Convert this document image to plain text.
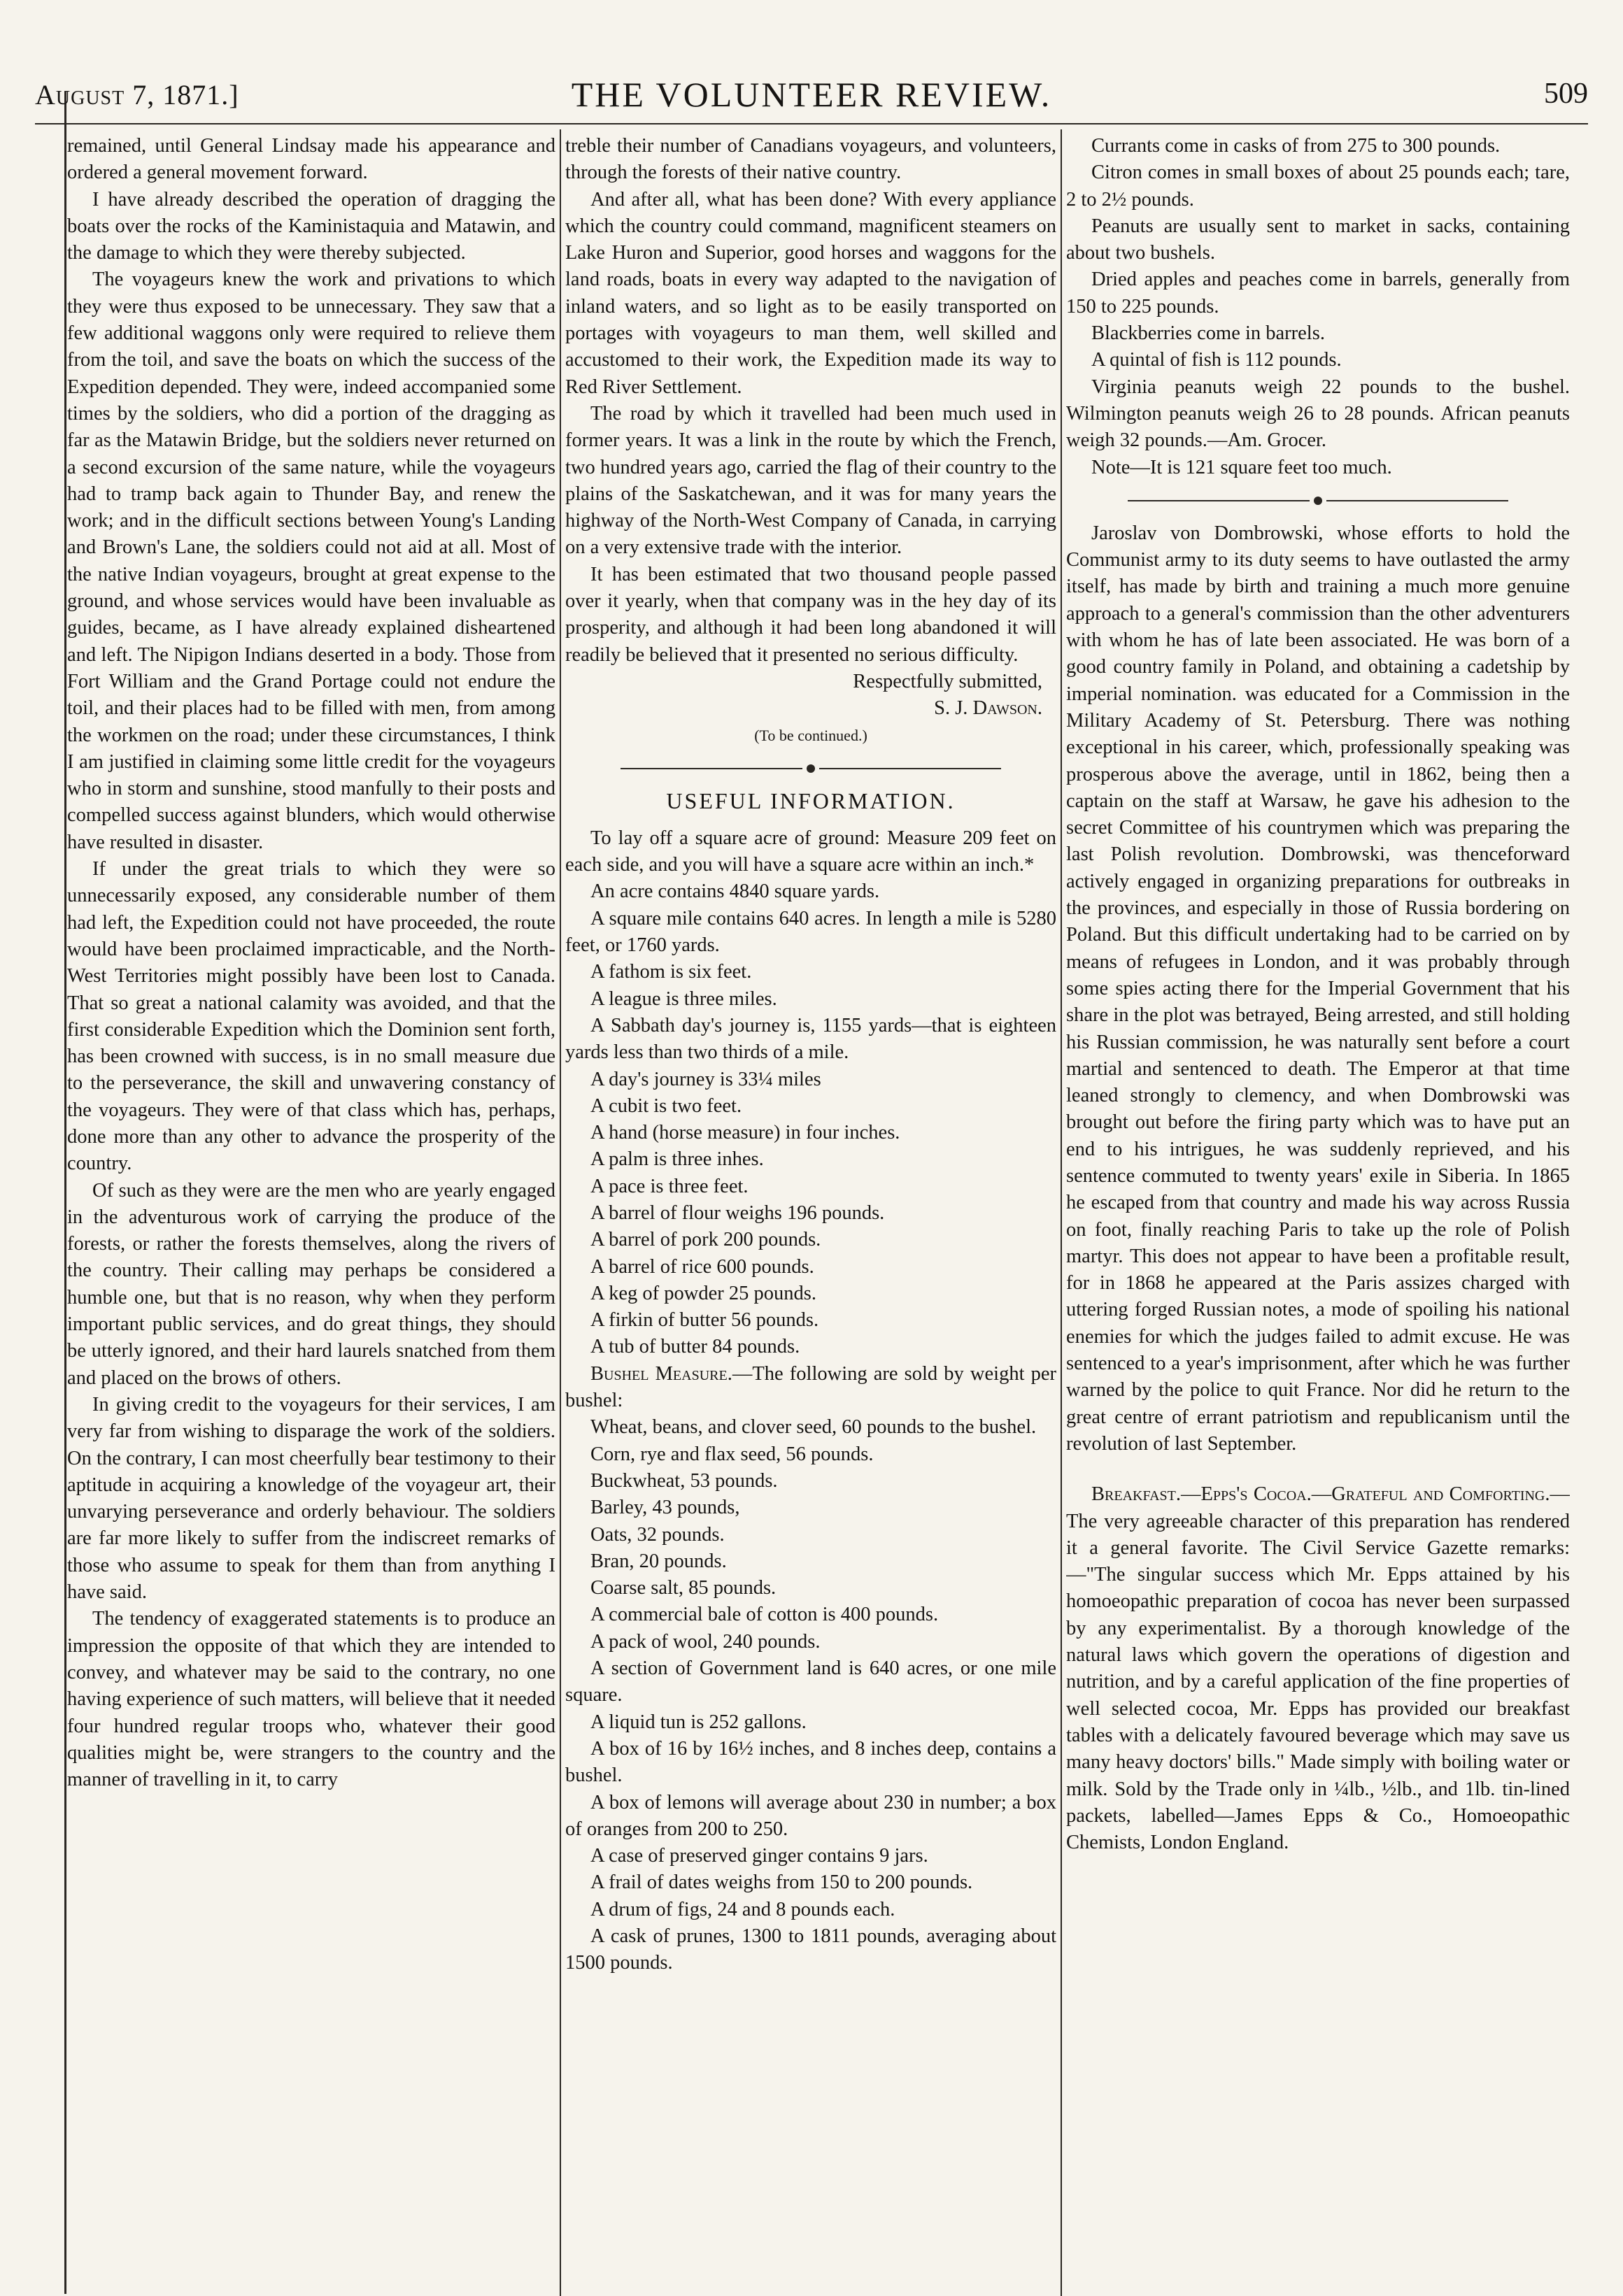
August 7, 1871.]	THE VOLUNTEER REVIEW.	509

remained, until General Lindsay made his appearance and ordered a general movement forward.

I have already described the operation of dragging the boats over the rocks of the Kaministaquia and Matawin, and the damage to which they were thereby subjected.

The voyageurs knew the work and privations to which they were thus exposed to be unnecessary. They saw that a few additional waggons only were required to relieve them from the toil, and save the boats on which the success of the Expedition depended. They were, indeed accompanied some times by the soldiers, who did a portion of the dragging as far as the Matawin Bridge, but the soldiers never returned on a second excursion of the same nature, while the voyageurs had to tramp back again to Thunder Bay, and renew the work; and in the difficult sections between Young's Landing and Brown's Lane, the soldiers could not aid at all. Most of the native Indian voyageurs, brought at great expense to the ground, and whose services would have been invaluable as guides, became, as I have already explained disheartened and left. The Nipigon Indians deserted in a body. Those from Fort William and the Grand Portage could not endure the toil, and their places had to be filled with men, from among the workmen on the road; under these circumstances, I think I am justified in claiming some little credit for the voyageurs who in storm and sunshine, stood manfully to their posts and compelled success against blunders, which would otherwise have resulted in disaster.

If under the great trials to which they were so unnecessarily exposed, any considerable number of them had left, the Expedition could not have proceeded, the route would have been proclaimed impracticable, and the North-West Territories might possibly have been lost to Canada. That so great a national calamity was avoided, and that the first considerable Expedition which the Dominion sent forth, has been crowned with success, is in no small measure due to the perseverance, the skill and unwavering constancy of the voyageurs. They were of that class which has, perhaps, done more than any other to advance the prosperity of the country.

Of such as they were are the men who are yearly engaged in the adventurous work of carrying the produce of the forests, or rather the forests themselves, along the rivers of the country. Their calling may perhaps be considered a humble one, but that is no reason, why when they perform important public services, and do great things, they should be utterly ignored, and their hard laurels snatched from them and placed on the brows of others.

In giving credit to the voyageurs for their services, I am very far from wishing to disparage the work of the soldiers. On the contrary, I can most cheerfully bear testimony to their aptitude in acquiring a knowledge of the voyageur art, their unvarying perseverance and orderly behaviour. The soldiers are far more likely to suffer from the indiscreet remarks of those who assume to speak for them than from anything I have said.

The tendency of exaggerated statements is to produce an impression the opposite of that which they are intended to convey, and whatever may be said to the contrary, no one having experience of such matters, will believe that it needed four hundred regular troops who, whatever their good qualities might be, were strangers to the country and the manner of travelling in it, to carry

treble their number of Canadians voyageurs, and volunteers, through the forests of their native country.

And after all, what has been done? With every appliance which the country could command, magnificent steamers on Lake Huron and Superior, good horses and waggons for the land roads, boats in every way adapted to the navigation of inland waters, and so light as to be easily transported on portages with voyageurs to man them, well skilled and accustomed to their work, the Expedition made its way to Red River Settlement.

The road by which it travelled had been much used in former years. It was a link in the route by which the French, two hundred years ago, carried the flag of their country to the plains of the Saskatchewan, and it was for many years the highway of the North-West Company of Canada, in carrying on a very extensive trade with the interior.

It has been estimated that two thousand people passed over it yearly, when that company was in the hey day of its prosperity, and although it had been long abandoned it will readily be believed that it presented no serious difficulty.

Respectfully submitted,

S. J. Dawson.

(To be continued.)

USEFUL INFORMATION.

To lay off a square acre of ground: Measure 209 feet on each side, and you will have a square acre within an inch.*

An acre contains 4840 square yards.

A square mile contains 640 acres. In length a mile is 5280 feet, or 1760 yards.

A fathom is six feet.

A league is three miles.

A Sabbath day's journey is, 1155 yards—that is eighteen yards less than two thirds of a mile.

A day's journey is 33¼ miles

A cubit is two feet.

A hand (horse measure) in four inches.

A palm is three inhes.

A pace is three feet.

A barrel of flour weighs 196 pounds.

A barrel of pork 200 pounds.

A barrel of rice 600 pounds.

A keg of powder 25 pounds.

A firkin of butter 56 pounds.

A tub of butter 84 pounds.

Bushel Measure.—The following are sold by weight per bushel:

Wheat, beans, and clover seed, 60 pounds to the bushel.

Corn, rye and flax seed, 56 pounds.

Buckwheat, 53 pounds.

Barley, 43 pounds,

Oats, 32 pounds.

Bran, 20 pounds.

Coarse salt, 85 pounds.

A commercial bale of cotton is 400 pounds.

A pack of wool, 240 pounds.

A section of Government land is 640 acres, or one mile square.

A liquid tun is 252 gallons.

A box of 16 by 16½ inches, and 8 inches deep, contains a bushel.

A box of lemons will average about 230 in number; a box of oranges from 200 to 250.

A case of preserved ginger contains 9 jars.

A frail of dates weighs from 150 to 200 pounds.

A drum of figs, 24 and 8 pounds each.

A cask of prunes, 1300 to 1811 pounds, averaging about 1500 pounds.

Currants come in casks of from 275 to 300 pounds.

Citron comes in small boxes of about 25 pounds each; tare, 2 to 2½ pounds.

Peanuts are usually sent to market in sacks, containing about two bushels.

Dried apples and peaches come in barrels, generally from 150 to 225 pounds.

Blackberries come in barrels.

A quintal of fish is 112 pounds.

Virginia peanuts weigh 22 pounds to the bushel. Wilmington peanuts weigh 26 to 28 pounds. African peanuts weigh 32 pounds.—Am. Grocer.

Note—It is 121 square feet too much.

Jaroslav von Dombrowski, whose efforts to hold the Communist army to its duty seems to have outlasted the army itself, has made by birth and training a much more genuine approach to a general's commission than the other adventurers with whom he has of late been associated. He was born of a good country family in Poland, and obtaining a cadetship by imperial nomination. was educated for a Commission in the Military Academy of St. Petersburg. There was nothing exceptional in his career, which, professionally speaking was prosperous above the average, until in 1862, being then a captain on the staff at Warsaw, he gave his adhesion to the secret Committee of his countrymen which was preparing the last Polish revolution. Dombrowski, was thenceforward actively engaged in organizing preparations for outbreaks in the provinces, and especially in those of Russia bordering on Poland. But this difficult undertaking had to be carried on by means of refugees in London, and it was probably through some spies acting there for the Imperial Government that his share in the plot was betrayed, Being arrested, and still holding his Russian commission, he was naturally sent before a court martial and sentenced to death. The Emperor at that time leaned strongly to clemency, and when Dombrowski was brought out before the firing party which was to have put an end to his intrigues, he was suddenly reprieved, and his sentence commuted to twenty years' exile in Siberia. In 1865 he escaped from that country and made his way across Russia on foot, finally reaching Paris to take up the role of Polish martyr. This does not appear to have been a profitable result, for in 1868 he appeared at the Paris assizes charged with uttering forged Russian notes, a mode of spoiling his national enemies for which the judges failed to admit excuse. He was sentenced to a year's imprisonment, after which he was further warned by the police to quit France. Nor did he return to the great centre of errant patriotism and republicanism until the revolution of last September.

Breakfast.—Epps's Cocoa.—Grateful and Comforting.—The very agreeable character of this preparation has rendered it a general favorite. The Civil Service Gazette remarks:—"The singular success which Mr. Epps attained by his homoeopathic preparation of cocoa has never been surpassed by any experimentalist. By a thorough knowledge of the natural laws which govern the operations of digestion and nutrition, and by a careful application of the fine properties of well selected cocoa, Mr. Epps has provided our breakfast tables with a delicately favoured beverage which may save us many heavy doctors' bills." Made simply with boiling water or milk. Sold by the Trade only in ¼lb., ½lb., and 1lb. tin-lined packets, labelled—James Epps & Co., Homoeopathic Chemists, London England.
